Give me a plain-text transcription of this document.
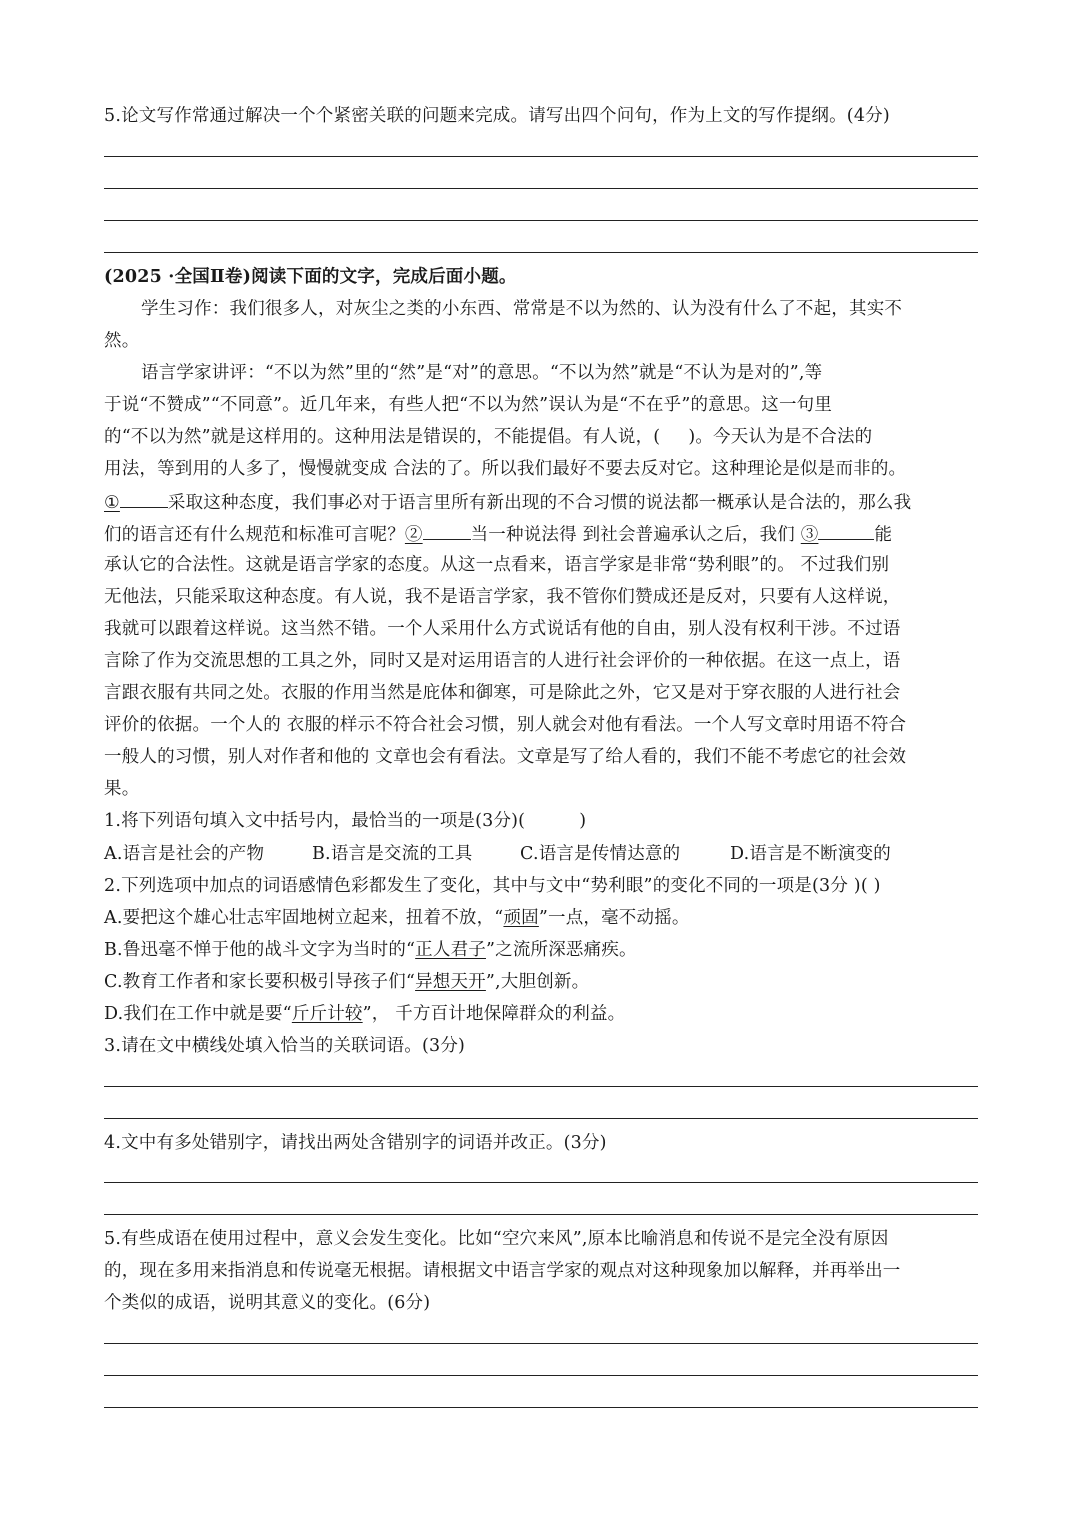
5.论文写作常通过解决一个个紧密关联的问题来完成。请写出四个问句，作为上文的写作提纲。(4分)
(2025 ·全国Ⅱ卷)阅读下面的文字，完成后面小题。
学生习作：我们很多人，对灰尘之类的小东西、常常是不以为然的、认为没有什么了不起，其实不
然。
语言学家讲评：“不以为然”里的“然”是“对”的意思。“不以为然”就是“不认为是对的”,等
于说“不赞成”“不同意”。近几年来，有些人把“不以为然”误认为是“不在乎”的意思。这一句里
的“不以为然”就是这样用的。这种用法是错误的，不能提倡。有人说，( )。今天认为是不合法的
用法，等到用的人多了，慢慢就变成 合法的了。所以我们最好不要去反对它。这种理论是似是而非的。
①	采取这种态度，我们事必对于语言里所有新出现的不合习惯的说法都一概承认是合法的，那么我
们的语言还有什么规范和标准可言呢？②	当一种说法得 到社会普遍承认之后，我们 ③	能
承认它的合法性。这就是语言学家的态度。从这一点看来，语言学家是非常“势利眼”的。 不过我们别
无他法，只能采取这种态度。有人说，我不是语言学家，我不管你们赞成还是反对，只要有人这样说，
我就可以跟着这样说。这当然不错。一个人采用什么方式说话有他的自由，别人没有权利干涉。不过语
言除了作为交流思想的工具之外，同时又是对运用语言的人进行社会评价的一种依据。在这一点上，语
言跟衣服有共同之处。衣服的作用当然是庇体和御寒，可是除此之外，它又是对于穿衣服的人进行社会
评价的依据。一个人的 衣服的样示不符合社会习惯，别人就会对他有看法。一个人写文章时用语不符合
一般人的习惯，别人对作者和他的 文章也会有看法。文章是写了给人看的，我们不能不考虑它的社会效
果。
1.将下列语句填入文中括号内，最恰当的一项是(3分)(	)
A.语言是社会的产物	B.语言是交流的工具	C.语言是传情达意的	D.语言是不断演变的
2.下列选项中加点的词语感情色彩都发生了变化，其中与文中“势利眼”的变化不同的一项是(3分 )( )
A.要把这个雄心壮志牢固地树立起来，扭着不放，“顽固”一点，毫不动摇。
B.鲁迅毫不惮于他的战斗文字为当时的“正人君子”之流所深恶痛疾。
C.教育工作者和家长要积极引导孩子们“异想天开”,大胆创新。
D.我们在工作中就是要“斤斤计较”， 千方百计地保障群众的利益。
3.请在文中横线处填入恰当的关联词语。(3分)
4.文中有多处错别字，请找出两处含错别字的词语并改正。(3分)
5.有些成语在使用过程中，意义会发生变化。比如“空穴来风”,原本比喻消息和传说不是完全没有原因
的，现在多用来指消息和传说毫无根据。请根据文中语言学家的观点对这种现象加以解释，并再举出一
个类似的成语，说明其意义的变化。(6分)
